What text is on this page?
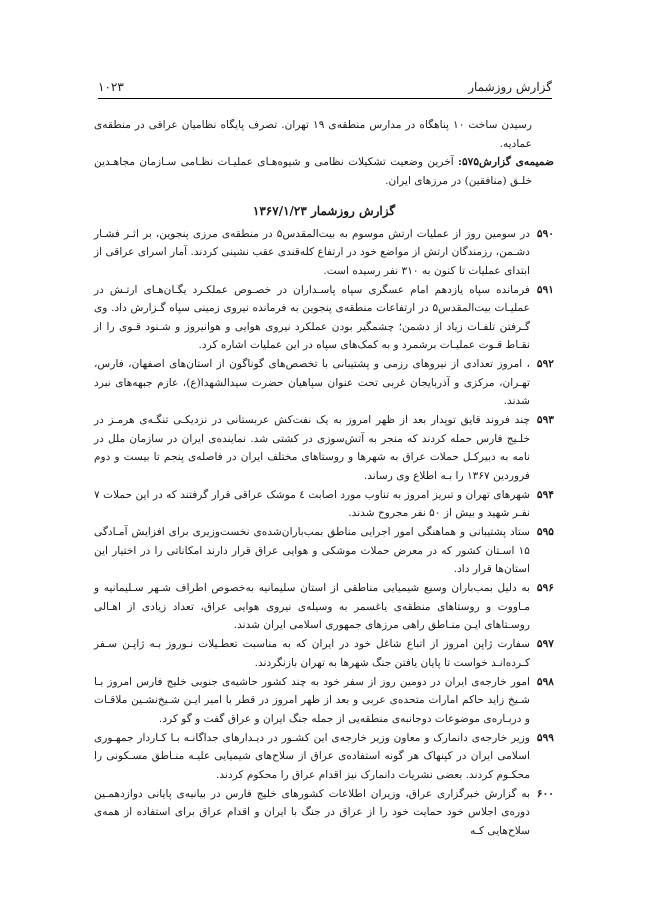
گزارش روزشمار
۱۰۲۳

رسیدن ساخت ۱۰ پناهگاه در مدارس منطقه‌ی ۱۹ تهران. تصرف پایگاه نظامیان عراقی در منطقه‌ی عمادیه.

ضمیمه‌ی گزارش۵۷۵: آخرین وضعیت تشکیلات نظامی و شیوه‌هـای عملیـات نظـامی سـازمان مجاهـدین خلـق (منافقین) در مرزهای ایران.

گزارش روزشمار ۱۳۶۷/۱/۲۳
۵۹۰
در سومین روز از عملیات ارتش موسوم به بیت‌المقدس۵ در منطقه‌ی مرزی پنجوین، بر اثـر فشـار دشـمن، رزمندگان ارتش از مواضع خود در ارتفاع کله‌قندی عقب نشینی کردند. آمار اسرای عراقی از ابتدای عملیات تا کنون به ۳۱۰ نفر رسیده است.
۵۹۱
فرمانده سپاه یازدهم امام عسگری سپاه پاسـداران در خصـوص عملکـرد یگـان‌هـای ارتـش در عملیـات بیت‌المقدس۵ در ارتفاعات منطقه‌ی پنجوین به فرمانده نیروی زمینی سپاه گـزارش داد. وی گـرفتن تلفـات زیاد از دشمن؛ چشمگیر بودن عملکرد نیروی هوایی و هوانیروز و شـنود قـوی را از نقـاط قـوت عملیـات برشمرد و به کمک‌های سپاه در این عملیات اشاره کرد.
۵۹۲
، امروز تعدادی از نیروهای رزمی و پشتیبانی با تخصص‌های گوناگون از استان‌های اصفهان، فارس، تهـران، مرکزی و آذربایجان غربی تحت عنوان سپاهیان حضرت سیدالشهدا(ع)، عازم جبهه‌های نبرد شدند.
۵۹۳
چند فروند قایق توپدار بعد از ظهر امروز به یک نفت‌کش عربستانی در نزدیکـی تنگـه‌ی هرمـز در خلـیج فارس حمله کردند که منجر به آتش‌سوزی در کشتی شد. نماینده‌ی ایران در سازمان ملل در نامه به دبیرکـل حملات عراق به شهرها و روستاهای مختلف ایران در فاصله‌ی پنجم تا بیست و دوم فروردین ۱۳۶۷ را بـه اطلاع وی رساند.
۵۹۴
شهرهای تهران و تبریز امروز به تناوب مورد اصابت ٤ موشک عراقی قرار گرفتند که در این حملات ۷ نفـر شهید و بیش از ۵۰ نفر مجروح شدند.
۵۹۵
ستاد پشتیبانی و هماهنگی امور اجرایی مناطق بمب‌باران‌شده‌ی نخست‌وزیری برای افزایش آمـادگی ۱۵ اسـتان کشور که در معرض حملات موشکی و هوایی عراق قرار دارند امکاناتی را در اختیار این استان‌ها قرار داد.
۵۹۶
به دلیل بمب‌باران وسیع شیمیایی مناطقی از استان سلیمانیه به‌خصوص اطراف شـهر سـلیمانیه و مـاووت و روستاهای منطقه‌ی یاغسمر به وسیله‌ی نیروی هوایی عراق، تعداد زیادی از اهـالی روسـتاهای ایـن منـاطق راهی مرزهای جمهوری اسلامی ایران شدند.
۵۹۷
سفارت ژاپن امروز از اتباع شاغل خود در ایران که به مناسبت تعطـیلات نـوروز بـه ژاپـن سـفر کـرده‌انـد خواست تا پایان یافتن جنگ شهرها به تهران بازنگردند.
۵۹۸
امور خارجه‌ی ایران در دومین روز از سفر خود به چند کشور حاشیه‌ی جنوبی خلیج فارس امروز بـا شـیخ زاید حاکم امارات متحده‌ی عربی و بعد از ظهر امروز در قطر با امیر ایـن شـیخ‌نشـین ملاقـات و دربـاره‌ی موضوعات دوجانبه‌ی منطقه‌یی از جمله جنگ ایران و عراق گفت و گو کرد.
۵۹۹
وزیر خارجه‌ی دانمارک و معاون وزیر خارجه‌ی این کشـور در دیـدارهای جداگانـه بـا کـاردار جمهـوری اسلامی ایران در کپنهاک هر گونه استفاده‌ی عراق از سلاح‌های شیمیایی علیـه منـاطق مسـکونی را محکـوم کردند. بعضی نشریات دانمارک نیز اقدام عراق را محکوم کردند.
۶۰۰
به گزارش خبرگزاری عراق، وزیران اطلاعات کشورهای خلیج فارس در بیانیه‌ی پایانی دوازدهمـین دوره‌ی اجلاس خود حمایت خود را از عراق در جنگ با ایران و اقدام عراق برای استفاده از همه‌ی سلاح‌هایی کـه
